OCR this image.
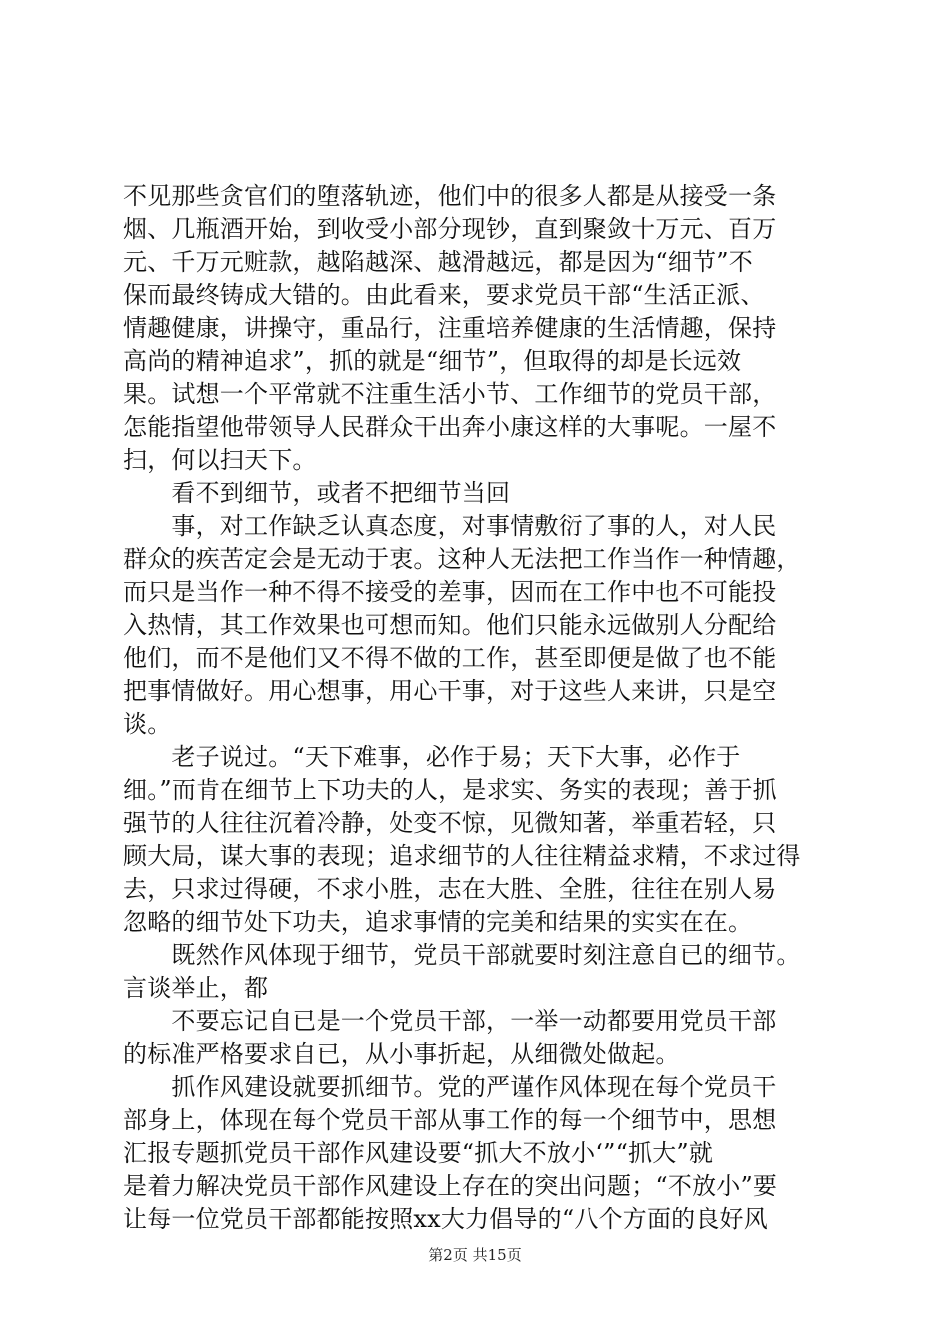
不见那些贪官们的堕落轨迹，他们中的很多人都是从接受一条
烟、几瓶酒开始，到收受小部分现钞，直到聚敛十万元、百万
元、千万元赃款，越陷越深、越滑越远，都是因为“细节”不
保而最终铸成大错的。由此看来，要求党员干部“生活正派、
情趣健康，讲操守，重品行，注重培养健康的生活情趣，保持
高尚的精神追求”，抓的就是“细节”，但取得的却是长远效
果。试想一个平常就不注重生活小节、工作细节的党员干部，
怎能指望他带领导人民群众干出奔小康这样的大事呢。一屋不
扫，何以扫天下。
　　看不到细节，或者不把细节当回
　　事，对工作缺乏认真态度，对事情敷衍了事的人，对人民
群众的疾苦定会是无动于衷。这种人无法把工作当作一种情趣，
而只是当作一种不得不接受的差事，因而在工作中也不可能投
入热情，其工作效果也可想而知。他们只能永远做别人分配给
他们，而不是他们又不得不做的工作，甚至即便是做了也不能
把事情做好。用心想事，用心干事，对于这些人来讲，只是空
谈。
　　老子说过。“天下难事，必作于易；天下大事，必作于
细。”而肯在细节上下功夫的人，是求实、务实的表现；善于抓
强节的人往往沉着冷静，处变不惊，见微知著，举重若轻，只
顾大局，谋大事的表现；追求细节的人往往精益求精，不求过得
去，只求过得硬，不求小胜，志在大胜、全胜，往往在别人易
忽略的细节处下功夫，追求事情的完美和结果的实实在在。
　　既然作风体现于细节，党员干部就要时刻注意自已的细节。
言谈举止，都
　　不要忘记自已是一个党员干部，一举一动都要用党员干部
的标准严格要求自已，从小事折起，从细微处做起。
　　抓作风建设就要抓细节。党的严谨作风体现在每个党员干
部身上，体现在每个党员干部从事工作的每一个细节中，思想
汇报专题抓党员干部作风建设要“抓大不放小‘”“抓大”就
是着力解决党员干部作风建设上存在的突出问题；“不放小”要
让每一位党员干部都能按照xx大力倡导的“八个方面的良好风
第2页 共15页
